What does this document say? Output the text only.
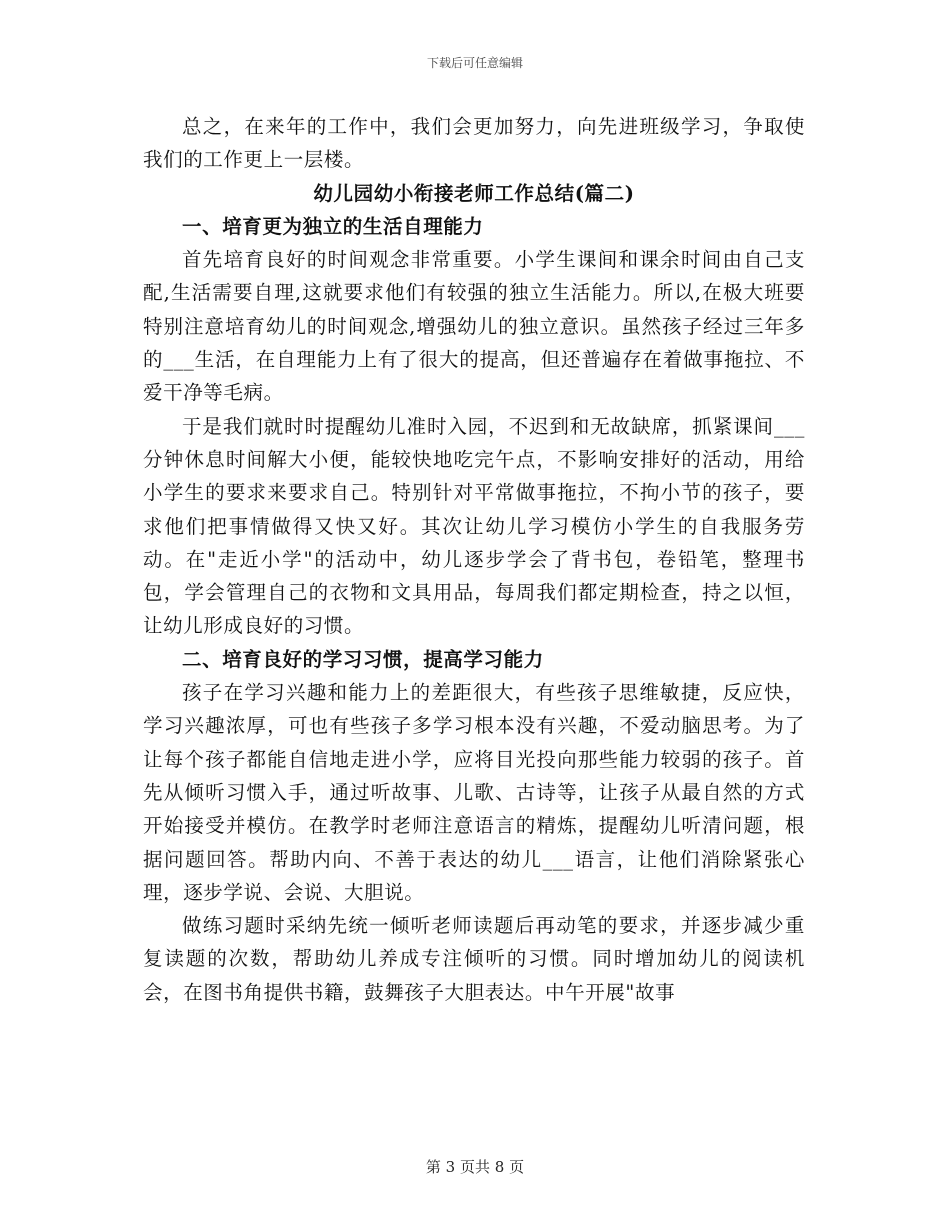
下载后可任意编辑

总之，在来年的工作中，我们会更加努力，向先进班级学习，争取使我们的工作更上一层楼。

幼儿园幼小衔接老师工作总结(篇二)

一、培育更为独立的生活自理能力

首先培育良好的时间观念非常重要。小学生课间和课余时间由自己支配,生活需要自理,这就要求他们有较强的独立生活能力。所以,在极大班要特别注意培育幼儿的时间观念,增强幼儿的独立意识。虽然孩子经过三年多的___生活，在自理能力上有了很大的提高，但还普遍存在着做事拖拉、不爱干净等毛病。

于是我们就时时提醒幼儿准时入园，不迟到和无故缺席，抓紧课间___分钟休息时间解大小便，能较快地吃完午点，不影响安排好的活动，用给小学生的要求来要求自己。特别针对平常做事拖拉，不拘小节的孩子，要求他们把事情做得又快又好。其次让幼儿学习模仿小学生的自我服务劳动。在"走近小学"的活动中，幼儿逐步学会了背书包，卷铅笔，整理书包，学会管理自己的衣物和文具用品，每周我们都定期检查，持之以恒，让幼儿形成良好的习惯。

二、培育良好的学习习惯，提高学习能力

孩子在学习兴趣和能力上的差距很大，有些孩子思维敏捷，反应快，学习兴趣浓厚，可也有些孩子多学习根本没有兴趣，不爱动脑思考。为了让每个孩子都能自信地走进小学，应将目光投向那些能力较弱的孩子。首先从倾听习惯入手，通过听故事、儿歌、古诗等，让孩子从最自然的方式开始接受并模仿。在教学时老师注意语言的精炼，提醒幼儿听清问题，根据问题回答。帮助内向、不善于表达的幼儿___语言，让他们消除紧张心理，逐步学说、会说、大胆说。

做练习题时采纳先统一倾听老师读题后再动笔的要求，并逐步减少重复读题的次数，帮助幼儿养成专注倾听的习惯。同时增加幼儿的阅读机会，在图书角提供书籍，鼓舞孩子大胆表达。中午开展"故事

第 3 页共 8 页
